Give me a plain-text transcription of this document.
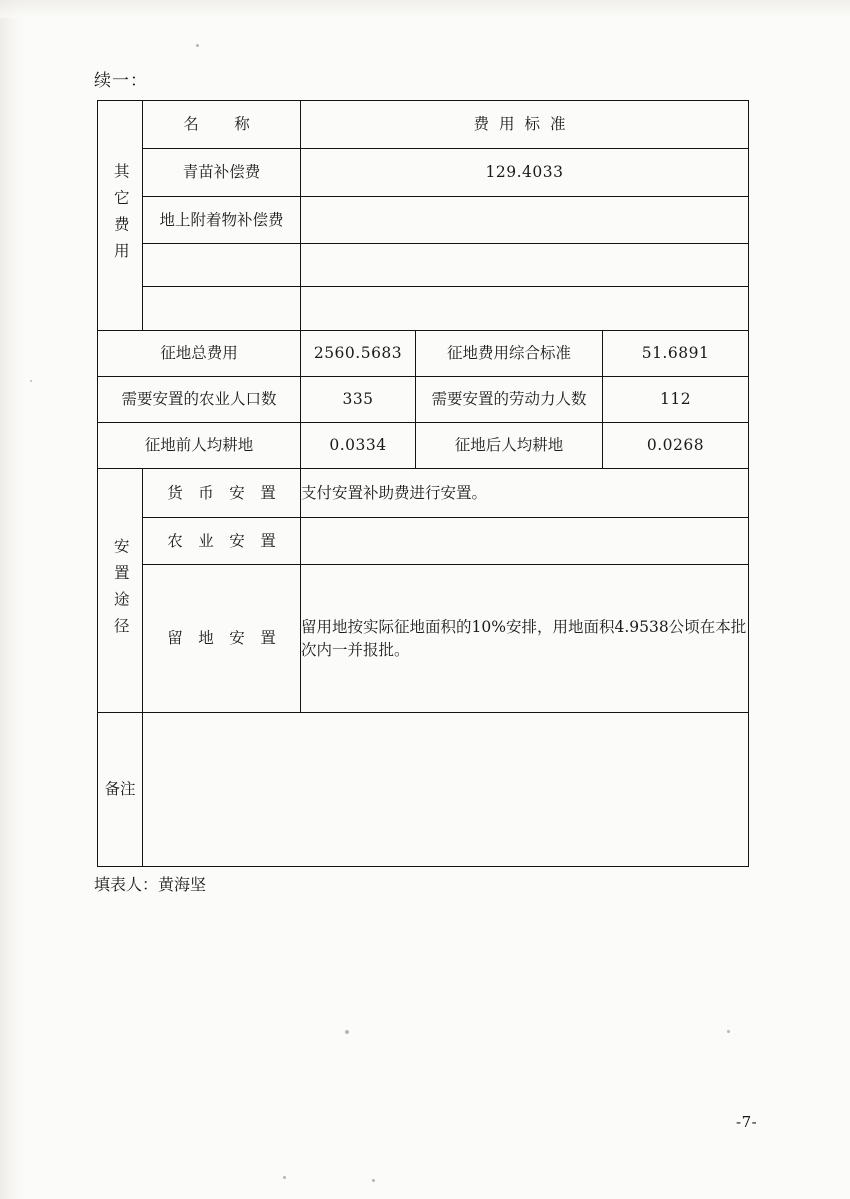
续一：
其它费用	名　称	费用标准		
	青苗补偿费	129.4033		
	地上附着物补偿费			

征地总费用		2560.5683	征地费用综合标准	51.6891
需要安置的农业人口数		335	需要安置的劳动力人数	112
征地前人均耕地		0.0334	征地后人均耕地	0.0268

安置途径	货　币　安　置	支付安置补助费进行安置。		
	农　业　安　置			
	留　地　安　置	留用地按实际征地面积的10%安排，用地面积4.9538公顷在本批次内一并报批。		
备注				
填表人：黄海坚
-7-
